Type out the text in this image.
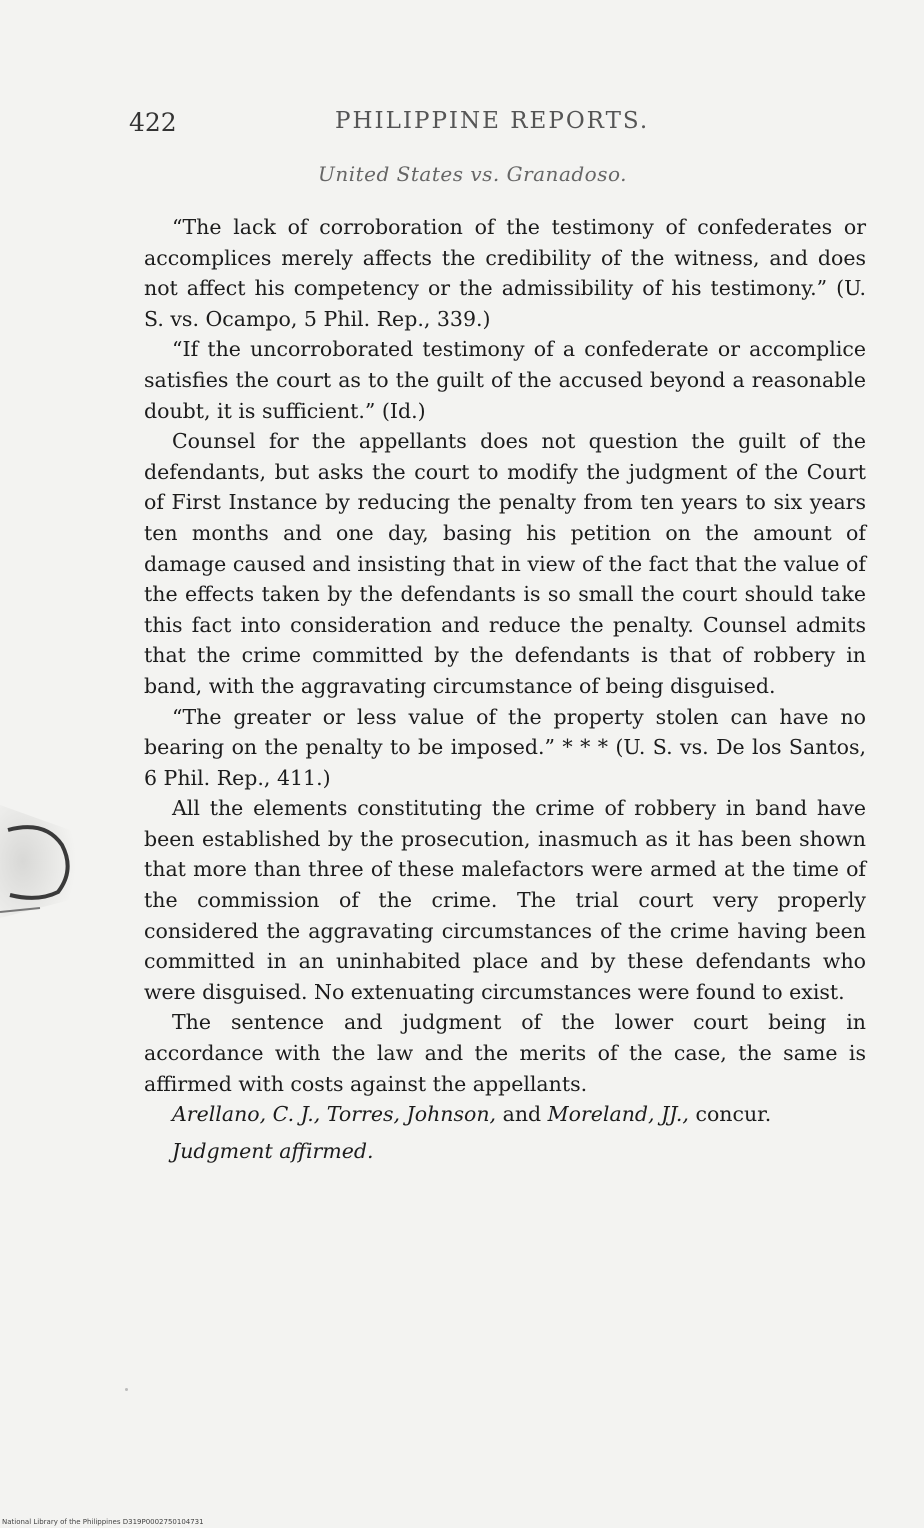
422	PHILIPPINE REPORTS.
United States vs. Granadoso.

“The lack of corroboration of the testimony of confederates or accomplices merely affects the credibility of the witness, and does not affect his competency or the admissibility of his testimony.” (U. S. vs. Ocampo, 5 Phil. Rep., 339.)

“If the uncorroborated testimony of a confederate or accomplice satisfies the court as to the guilt of the accused beyond a reasonable doubt, it is sufficient.” (Id.)

Counsel for the appellants does not question the guilt of the defendants, but asks the court to modify the judgment of the Court of First Instance by reducing the penalty from ten years to six years ten months and one day, basing his petition on the amount of damage caused and insisting that in view of the fact that the value of the effects taken by the defendants is so small the court should take this fact into consideration and reduce the penalty. Counsel admits that the crime committed by the defendants is that of robbery in band, with the aggravating circumstance of being disguised.

“The greater or less value of the property stolen can have no bearing on the penalty to be imposed.” * * * (U. S. vs. De los Santos, 6 Phil. Rep., 411.)

All the elements constituting the crime of robbery in band have been established by the prosecution, inasmuch as it has been shown that more than three of these malefactors were armed at the time of the commission of the crime. The trial court very properly considered the aggravating circumstances of the crime having been committed in an uninhabited place and by these defendants who were disguised. No extenuating circumstances were found to exist.

The sentence and judgment of the lower court being in accordance with the law and the merits of the case, the same is affirmed with costs against the appellants.

Arellano, C. J., Torres, Johnson, and Moreland, JJ., concur.

Judgment affirmed.

National Library of the Philippines D319P0002750104731
